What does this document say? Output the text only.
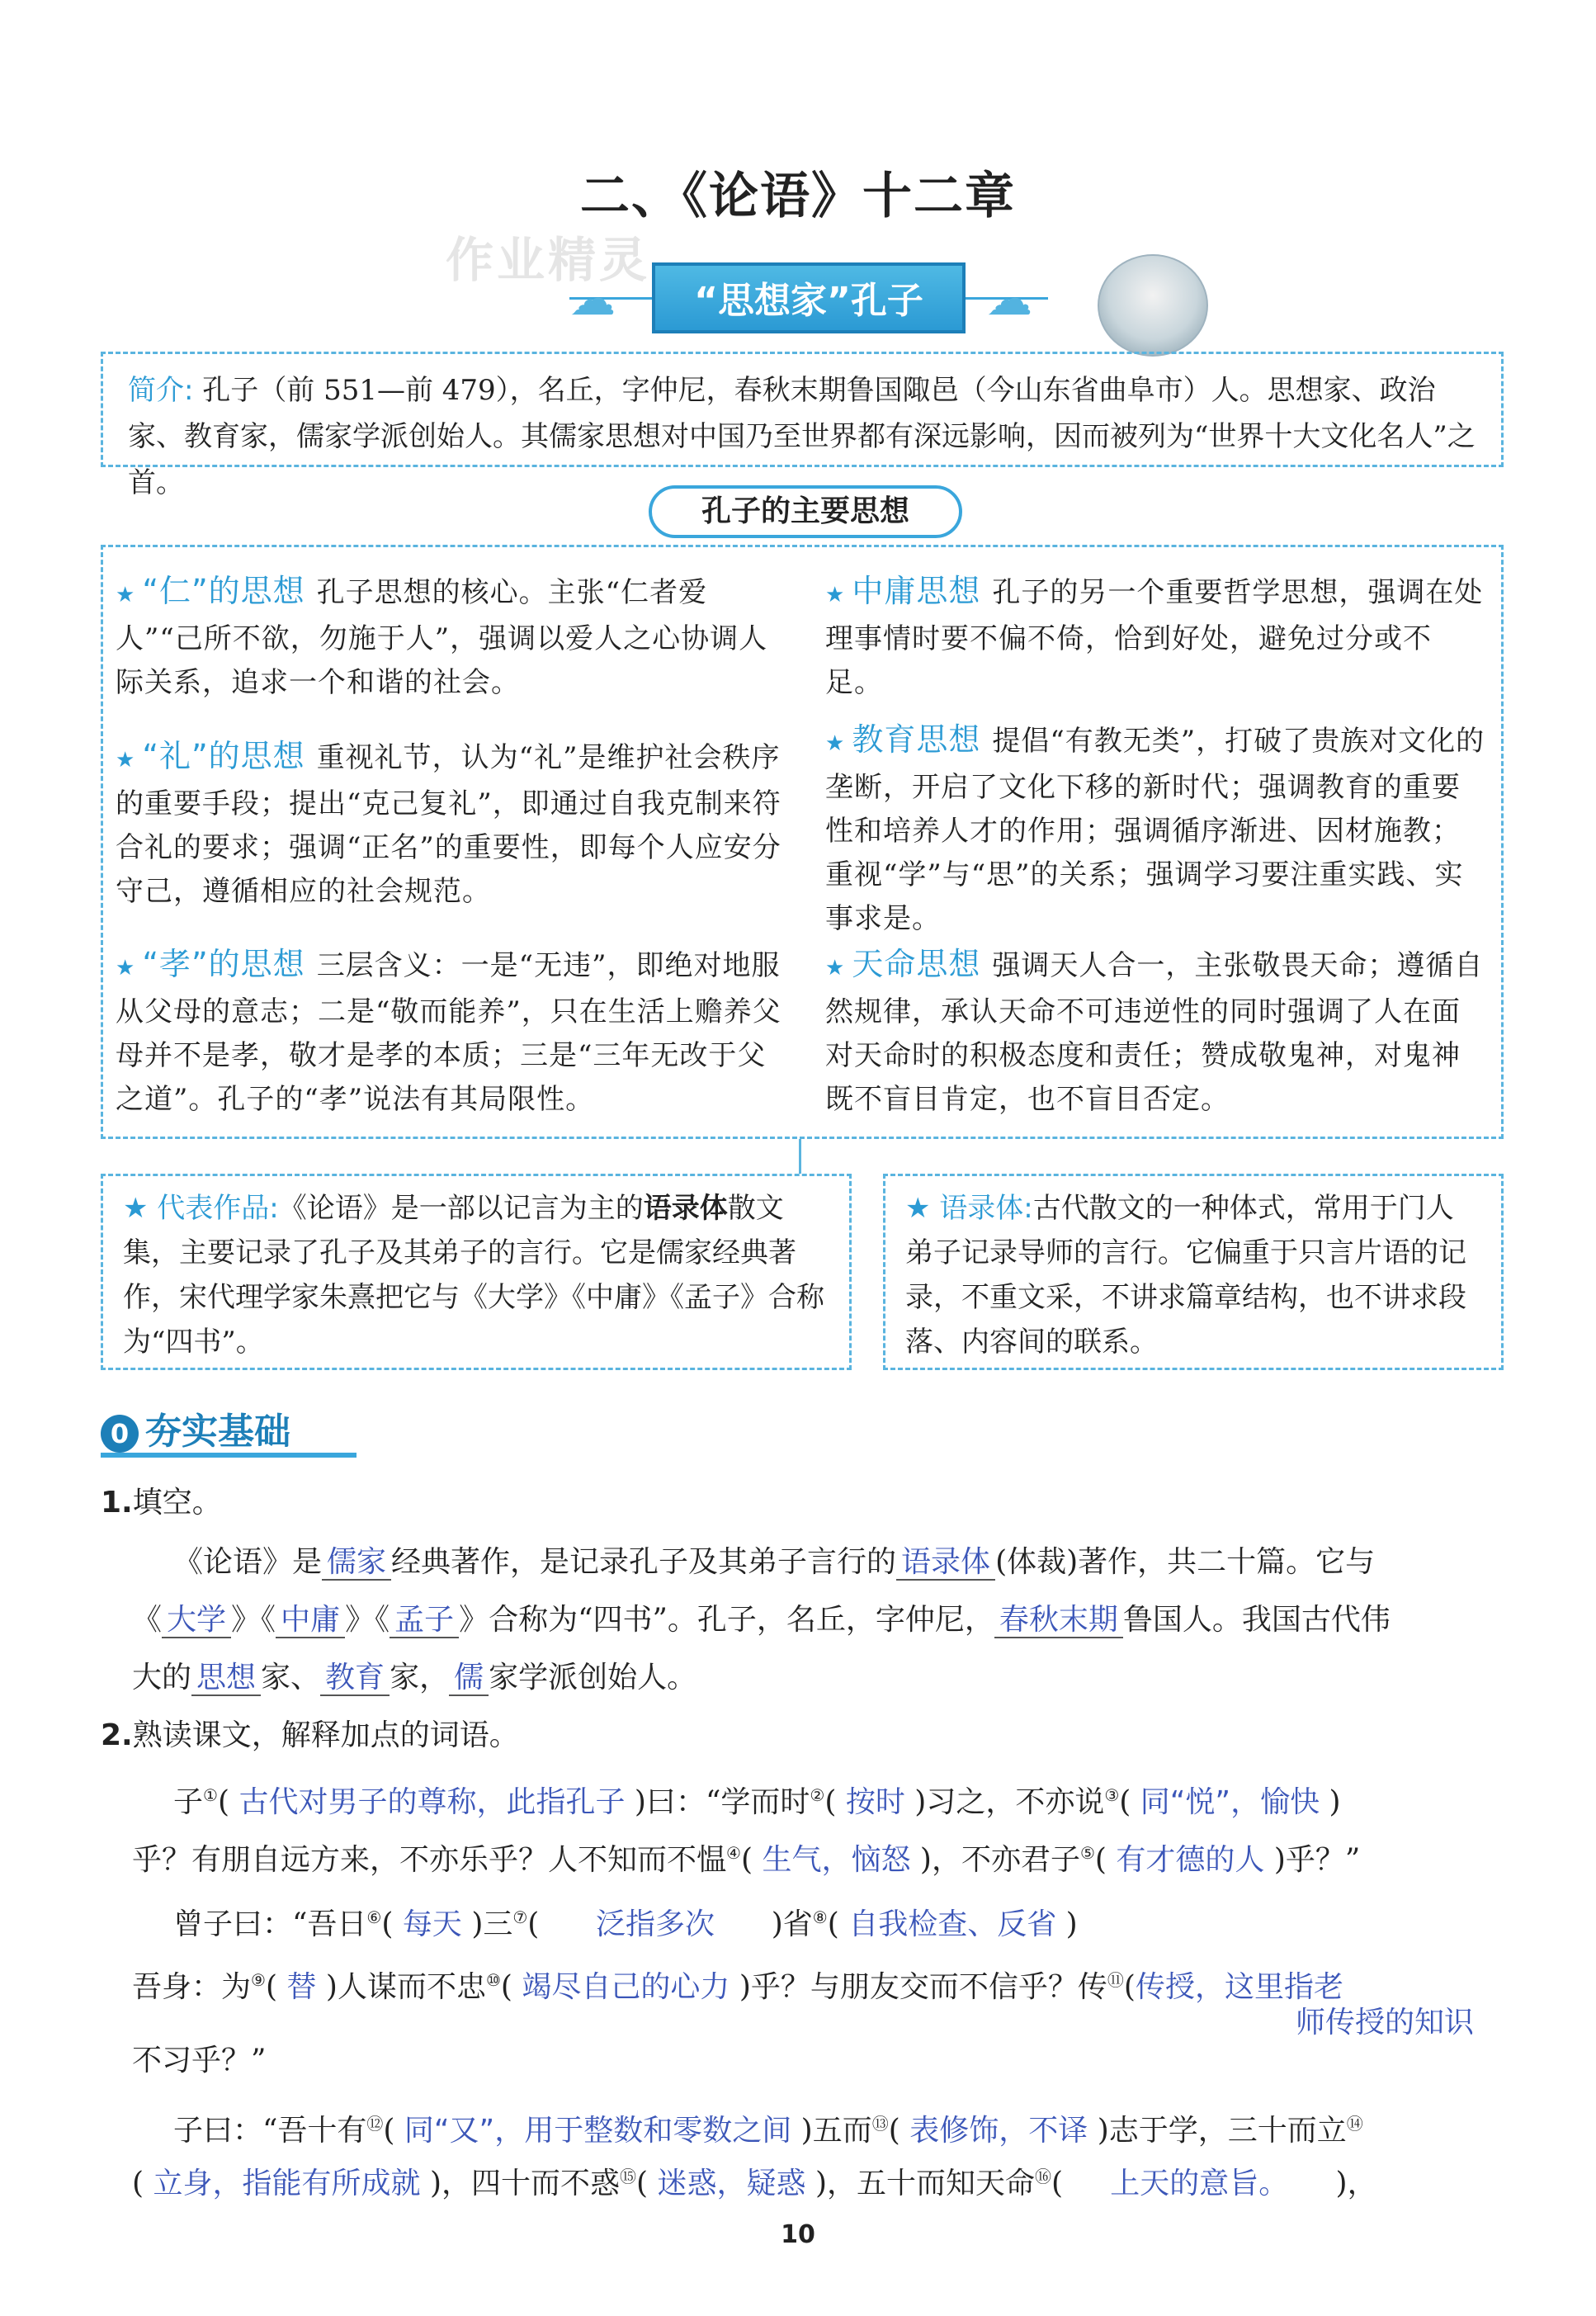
二、《论语》十二章
作业精灵
☁	☁
“思想家”孔子
简介: 孔子（前 551—前 479），名丘，字仲尼，春秋末期鲁国陬邑（今山东省曲阜市）人。思想家、政治家、教育家，儒家学派创始人。其儒家思想对中国乃至世界都有深远影响，因而被列为“世界十大文化名人”之首。
孔子的主要思想
★ “仁”的思想 孔子思想的核心。主张“仁者爱人”“己所不欲，勿施于人”，强调以爱人之心协调人际关系，追求一个和谐的社会。
★ “礼”的思想 重视礼节，认为“礼”是维护社会秩序的重要手段；提出“克己复礼”，即通过自我克制来符合礼的要求；强调“正名”的重要性，即每个人应安分守己，遵循相应的社会规范。
★ “孝”的思想 三层含义：一是“无违”，即绝对地服从父母的意志；二是“敬而能养”，只在生活上赡养父母并不是孝，敬才是孝的本质；三是“三年无改于父之道”。孔子的“孝”说法有其局限性。
★ 中庸思想 孔子的另一个重要哲学思想，强调在处理事情时要不偏不倚，恰到好处，避免过分或不足。
★ 教育思想 提倡“有教无类”，打破了贵族对文化的垄断，开启了文化下移的新时代；强调教育的重要性和培养人才的作用；强调循序渐进、因材施教；重视“学”与“思”的关系；强调学习要注重实践、实事求是。
★ 天命思想 强调天人合一，主张敬畏天命；遵循自然规律，承认天命不可违逆性的同时强调了人在面对天命时的积极态度和责任；赞成敬鬼神，对鬼神既不盲目肯定，也不盲目否定。
★ 代表作品:《论语》是一部以记言为主的语录体散文集，主要记录了孔子及其弟子的言行。它是儒家经典著作，宋代理学家朱熹把它与《大学》《中庸》《孟子》合称为“四书”。
★ 语录体:古代散文的一种体式，常用于门人弟子记录导师的言行。它偏重于只言片语的记录，不重文采，不讲求篇章结构，也不讲求段落、内容间的联系。
0 夯实基础
1.填空。
《论语》是 儒家 经典著作，是记录孔子及其弟子言行的 语录体 (体裁)著作，共二十篇。它与
《 大学 》《 中庸 》《 孟子 》合称为“四书”。孔子，名丘，字仲尼， 春秋末期 鲁国人。我国古代伟
大的 思想 家、 教育 家， 儒 家学派创始人。
2.熟读课文，解释加点的词语。
子①( 古代对男子的尊称，此指孔子 )曰：“学而时②( 按时 )习之，不亦说③( 同“悦”，愉快 )
乎？有朋自远方来，不亦乐乎？人不知而不愠④( 生气，恼怒 )，不亦君子⑤( 有才德的人 )乎？”
曾子曰：“吾日⑥( 每天 )三⑦(      泛指多次 )省⑧( 自我检查、反省 )
吾身：为⑨( 替 )人谋而不忠⑩( 竭尽自己的心力 )乎？与朋友交而不信乎？传⑪(传授，这里指老
师传授的知识
不习乎？”
子曰：“吾十有⑫( 同“又”，用于整数和零数之间 )五而⑬( 表修饰，不译 )志于学，三十而立⑭
( 立身，指能有所成就 )，四十而不惑⑮( 迷惑，疑惑 )，五十而知天命⑯(     上天的意旨。 )，
10
